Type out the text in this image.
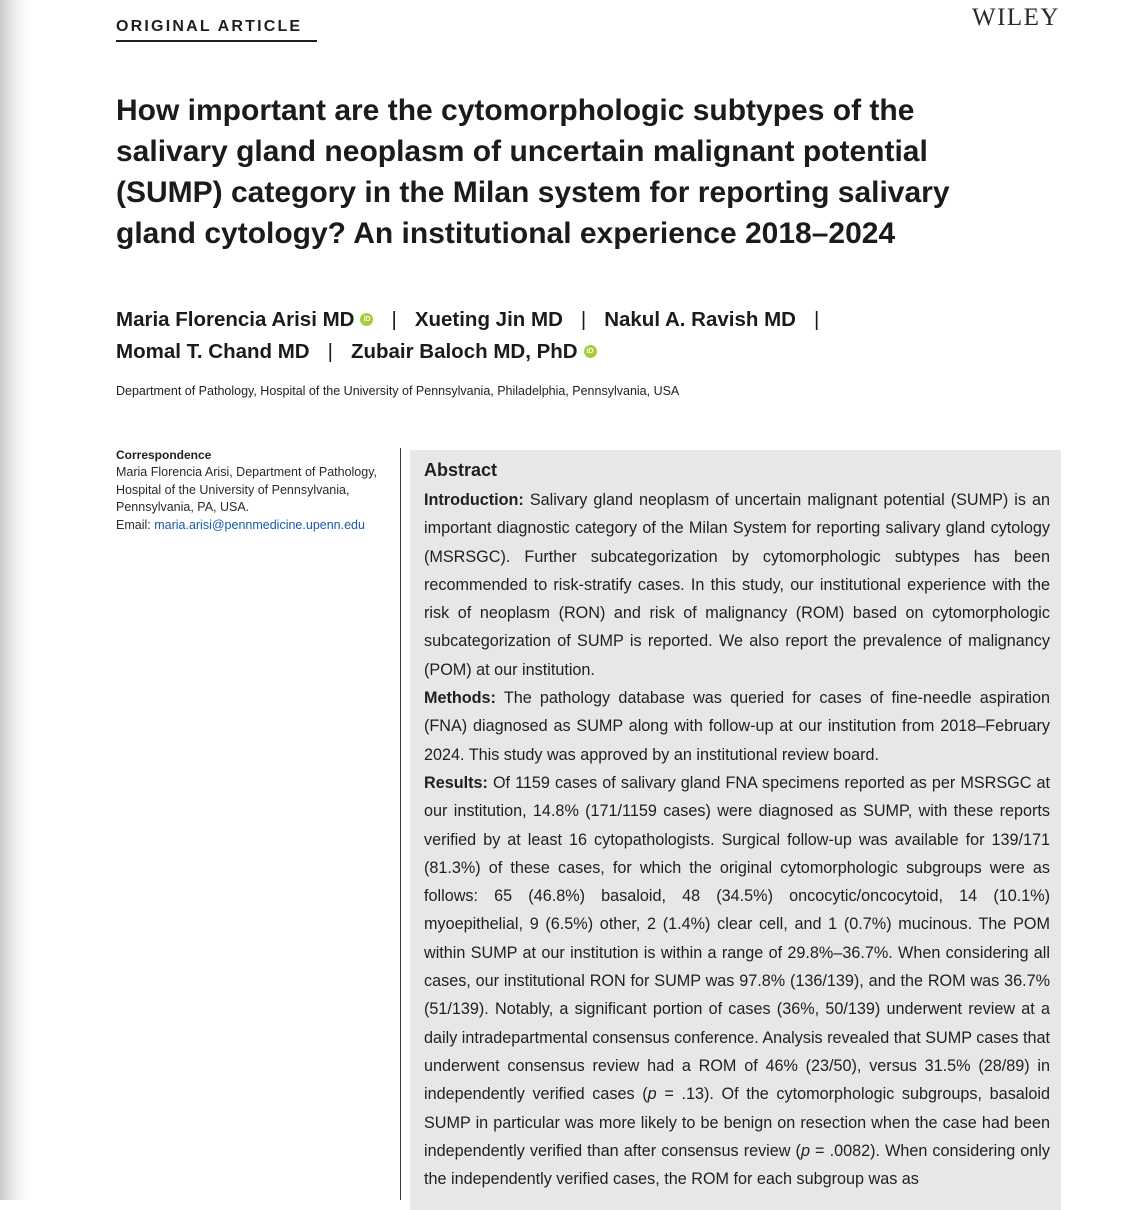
ORIGINAL ARTICLE	WILEY
How important are the cytomorphologic subtypes of the salivary gland neoplasm of uncertain malignant potential (SUMP) category in the Milan system for reporting salivary gland cytology? An institutional experience 2018–2024
Maria Florencia Arisi MD iD | Xueting Jin MD | Nakul A. Ravish MD |
Momal T. Chand MD | Zubair Baloch MD, PhD iD
Department of Pathology, Hospital of the University of Pennsylvania, Philadelphia, Pennsylvania, USA
Correspondence
Maria Florencia Arisi, Department of Pathology, Hospital of the University of Pennsylvania, Pennsylvania, PA, USA.
Email: maria.arisi@pennmedicine.upenn.edu
Abstract
Introduction: Salivary gland neoplasm of uncertain malignant potential (SUMP) is an important diagnostic category of the Milan System for reporting salivary gland cytology (MSRSGC). Further subcategorization by cytomorphologic subtypes has been recommended to risk-stratify cases. In this study, our institutional experience with the risk of neoplasm (RON) and risk of malignancy (ROM) based on cytomorphologic subcategorization of SUMP is reported. We also report the prevalence of malignancy (POM) at our institution.
Methods: The pathology database was queried for cases of fine-needle aspiration (FNA) diagnosed as SUMP along with follow-up at our institution from 2018–February 2024. This study was approved by an institutional review board.
Results: Of 1159 cases of salivary gland FNA specimens reported as per MSRSGC at our institution, 14.8% (171/1159 cases) were diagnosed as SUMP, with these reports verified by at least 16 cytopathologists. Surgical follow-up was available for 139/171 (81.3%) of these cases, for which the original cytomorphologic subgroups were as follows: 65 (46.8%) basaloid, 48 (34.5%) oncocytic/oncocytoid, 14 (10.1%) myoepithelial, 9 (6.5%) other, 2 (1.4%) clear cell, and 1 (0.7%) mucinous. The POM within SUMP at our institution is within a range of 29.8%–36.7%. When considering all cases, our institutional RON for SUMP was 97.8% (136/139), and the ROM was 36.7% (51/139). Notably, a significant portion of cases (36%, 50/139) underwent review at a daily intradepartmental consensus conference. Analysis revealed that SUMP cases that underwent consensus review had a ROM of 46% (23/50), versus 31.5% (28/89) in independently verified cases (p = .13). Of the cytomorphologic subgroups, basaloid SUMP in particular was more likely to be benign on resection when the case had been independently verified than after consensus review (p = .0082). When considering only the independently verified cases, the ROM for each subgroup was as
